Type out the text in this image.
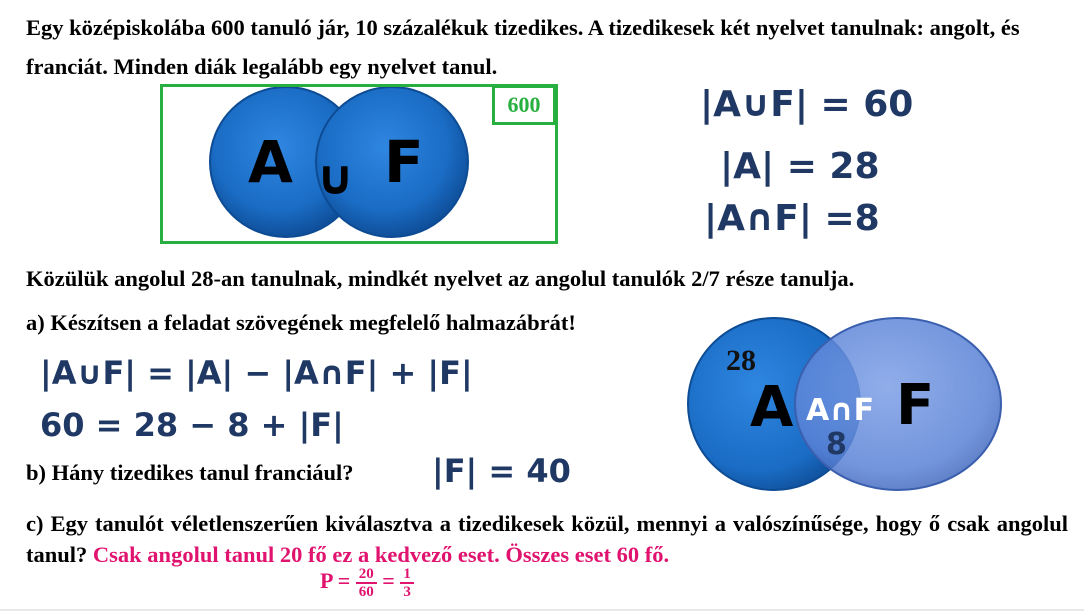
Egy középiskolába 600 tanuló jár, 10 százalékuk tizedikes. A tizedikesek két nyelvet tanulnak: angolt, és franciát. Minden diák legalább egy nyelvet tanul.
A ∪ F
600	|A∪F| = 60
|A| = 28
|A∩F| =8
Közülük angolul 28-an tanulnak, mindkét nyelvet az angolul tanulók 2/7 része tanulja.
a) Készítsen a feladat szövegének megfelelő halmazábrát!
|A∪F| = |A| − |A∩F| + |F|
60 = 28 − 8 + |F|
b) Hány tizedikes tanul franciául? |F| = 40
28
A A∩F
8
F
c) Egy tanulót véletlenszerűen kiválasztva a tizedikesek közül, mennyi a valószínűsége, hogy ő csak angolul tanul? Csak angolul tanul 20 fő ez a kedvező eset. Összes eset 60 fő.
$P = \frac{20}{60} = \frac{1}{3}$
